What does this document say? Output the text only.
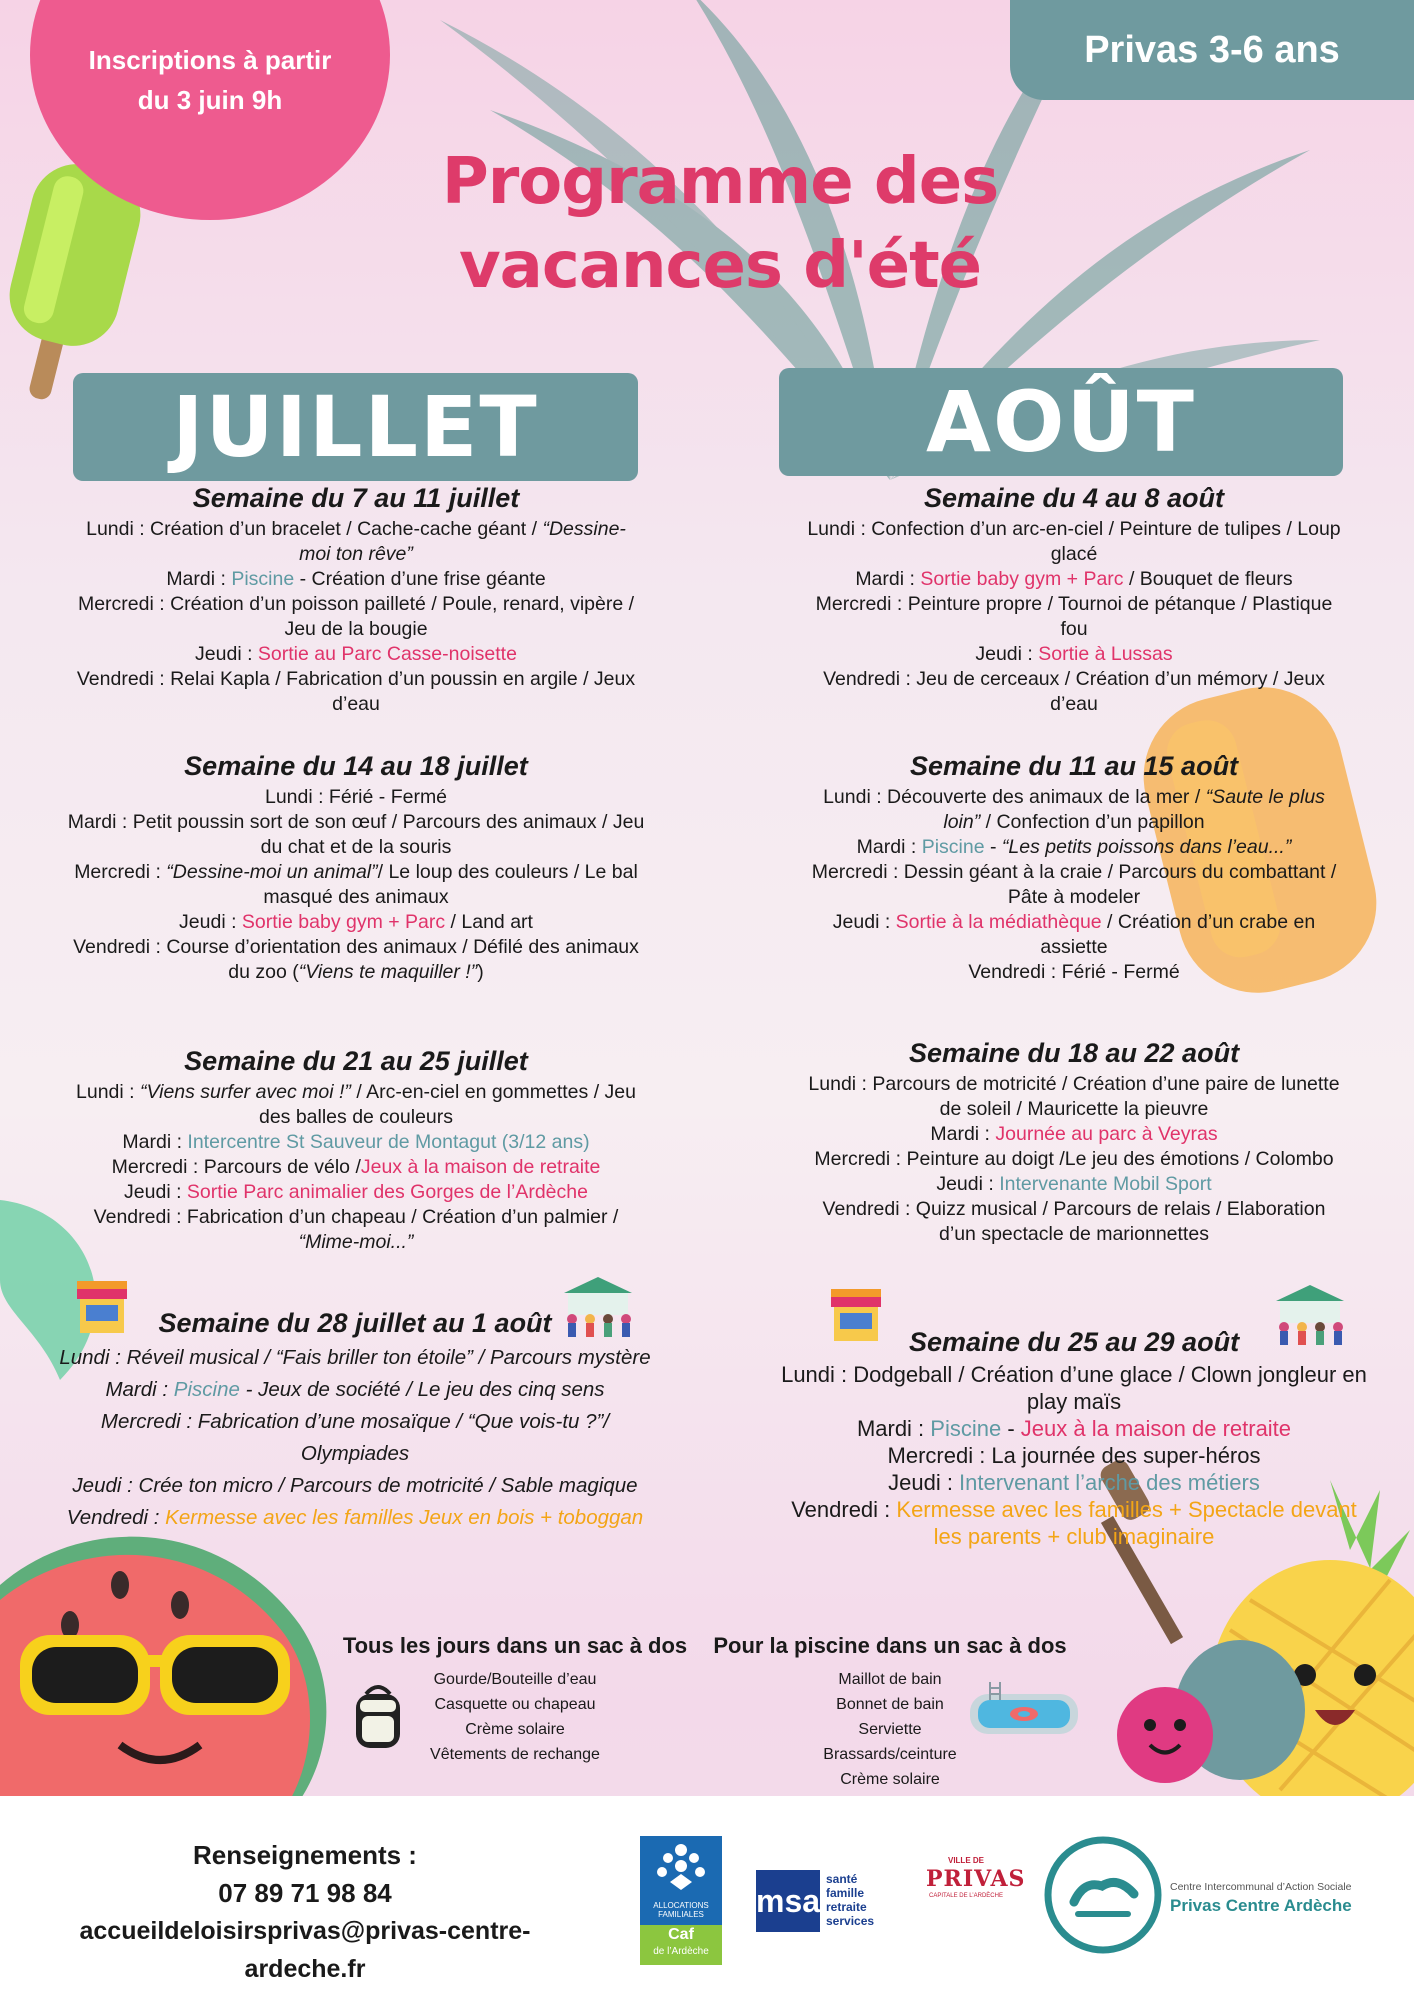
Inscriptions à partir du 3 juin 9h
Privas 3-6 ans
Programme des
vacances d'été
JUILLET	AOÛT
Semaine du 7 au 11 juillet
Lundi : Création d’un bracelet / Cache-cache géant / “Dessine-
moi ton rêve”
Mardi : Piscine - Création d’une frise géante
Mercredi : Création d’un poisson pailleté / Poule, renard, vipère /
Jeu de la bougie
Jeudi : Sortie au Parc Casse-noisette
Vendredi : Relai Kapla / Fabrication d’un poussin en argile / Jeux
d’eau
Semaine du 14 au 18 juillet
Lundi : Férié - Fermé
Mardi : Petit poussin sort de son œuf / Parcours des animaux / Jeu
du chat et de la souris
Mercredi : “Dessine-moi un animal”/ Le loup des couleurs / Le bal
masqué des animaux
Jeudi : Sortie baby gym + Parc / Land art
Vendredi : Course d’orientation des animaux / Défilé des animaux
du zoo (“Viens te maquiller !”)
Semaine du 21 au 25 juillet
Lundi : “Viens surfer avec moi !” / Arc-en-ciel en gommettes / Jeu
des balles de couleurs
Mardi : Intercentre St Sauveur de Montagut (3/12 ans)
Mercredi : Parcours de vélo /Jeux à la maison de retraite
Jeudi : Sortie Parc animalier des Gorges de l’Ardèche
Vendredi : Fabrication d’un chapeau / Création d’un palmier /
“Mime-moi...”
Semaine du 28 juillet au 1 août
Lundi : Réveil musical / “Fais briller ton étoile” / Parcours mystère
Mardi : Piscine - Jeux de société / Le jeu des cinq sens
Mercredi : Fabrication d’une mosaïque / “Que vois-tu ?”/
Olympiades
Jeudi : Crée ton micro / Parcours de motricité / Sable magique
Vendredi : Kermesse avec les familles Jeux en bois + toboggan
Semaine du 4 au 8 août
Lundi : Confection d’un arc-en-ciel / Peinture de tulipes / Loup
glacé
Mardi : Sortie baby gym + Parc / Bouquet de fleurs
Mercredi : Peinture propre / Tournoi de pétanque / Plastique
fou
Jeudi : Sortie à Lussas
Vendredi : Jeu de cerceaux / Création d’un mémory / Jeux
d’eau
Semaine du 11 au 15 août
Lundi : Découverte des animaux de la mer / “Saute le plus
loin” / Confection d’un papillon
Mardi : Piscine - “Les petits poissons dans l’eau...”
Mercredi : Dessin géant à la craie / Parcours du combattant /
Pâte à modeler
Jeudi : Sortie à la médiathèque / Création d’un crabe en
assiette
Vendredi : Férié - Fermé
Semaine du 18 au 22 août
Lundi : Parcours de motricité / Création d’une paire de lunette
de soleil / Mauricette la pieuvre
Mardi : Journée au parc à Veyras
Mercredi : Peinture au doigt /Le jeu des émotions / Colombo
Jeudi : Intervenante Mobil Sport
Vendredi : Quizz musical / Parcours de relais / Elaboration
d’un spectacle de marionnettes
Semaine du 25 au 29 août
Lundi : Dodgeball / Création d’une glace / Clown jongleur en
play maïs
Mardi : Piscine - Jeux à la maison de retraite
Mercredi : La journée des super-héros
Jeudi : Intervenant l’arche des métiers
Vendredi : Kermesse avec les familles + Spectacle devant
les parents + club imaginaire
Tous les jours dans un sac à dos
Gourde/Bouteille d’eau
Casquette ou chapeau
Crème solaire
Vêtements de rechange
Pour la piscine dans un sac à dos
Maillot de bain
Bonnet de bain
Serviette
Brassards/ceinture
Crème solaire
Renseignements :
07 89 71 98 84
accueildeloisirsprivas@privas-centre-ardeche.fr
ALLOCATIONS
FAMILIALES
Caf
de l’Ardèche
msa
santé
famille
retraite
services
VILLE DE
PRIVAS
CAPITALE DE L’ARDÈCHE
Centre Intercommunal d’Action Sociale
Privas Centre Ardèche
